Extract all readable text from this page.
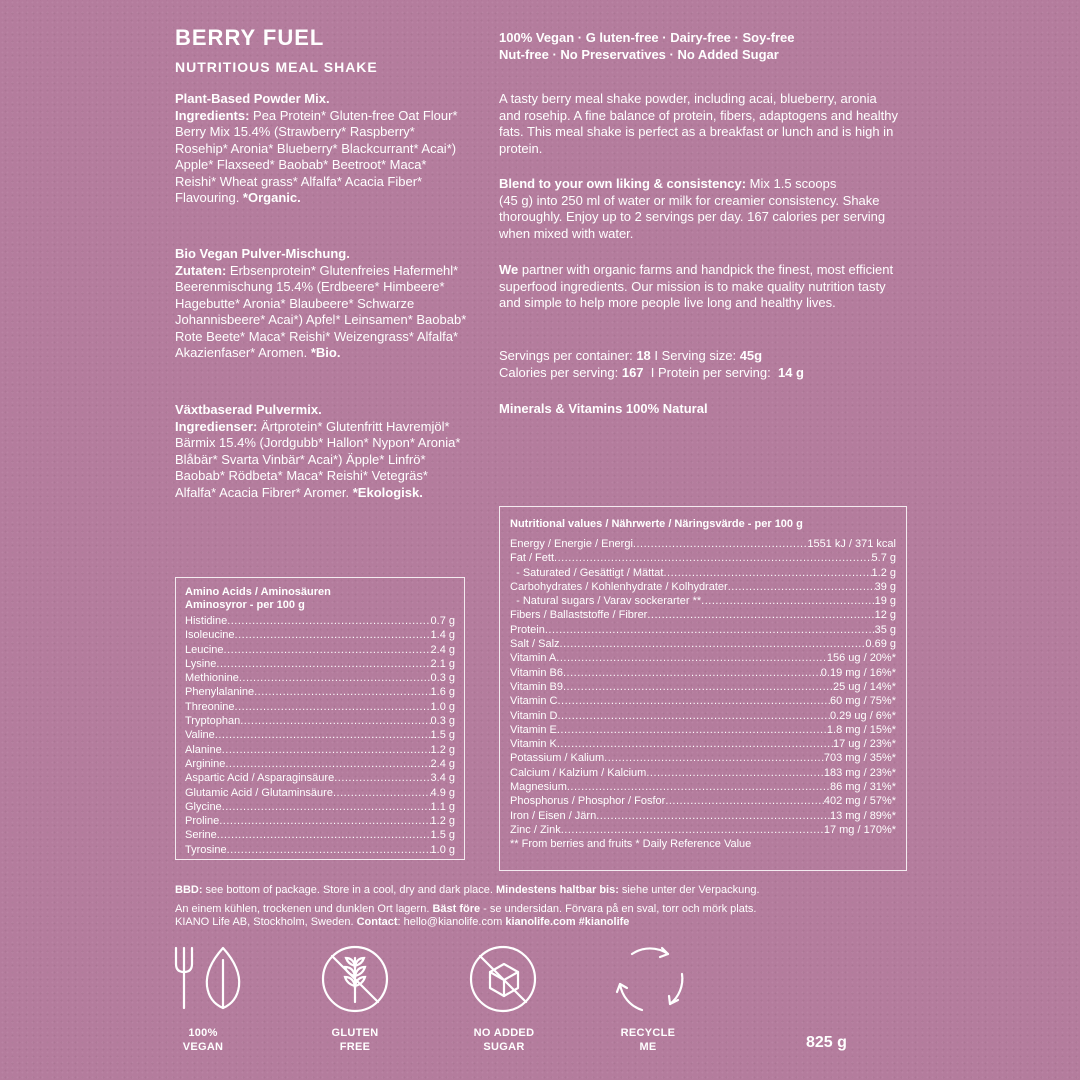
BERRY FUEL
NUTRITIOUS MEAL SHAKE
100% Vegan · G luten-free · Dairy-free · Soy-free
Nut-free · No Preservatives · No Added Sugar
Plant-Based Powder Mix.
Ingredients: Pea Protein* Gluten-free Oat Flour* Berry Mix 15.4% (Strawberry* Raspberry* Rosehip* Aronia* Blueberry* Blackcurrant* Acai*) Apple* Flaxseed* Baobab* Beetroot* Maca* Reishi* Wheat grass* Alfalfa* Acacia Fiber* Flavouring. *Organic.
Bio Vegan Pulver-Mischung.
Zutaten: Erbsenprotein* Glutenfreies Hafermehl* Beerenmischung 15.4% (Erdbeere* Himbeere* Hagebutte* Aronia* Blaubeere* Schwarze Johannisbeere* Acai*) Apfel* Leinsamen* Baobab* Rote Beete* Maca* Reishi* Weizengrass* Alfalfa* Akazienfaser* Aromen. *Bio.
Växtbaserad Pulvermix.
Ingredienser: Ärtprotein* Glutenfritt Havremjöl* Bärmix 15.4% (Jordgubb* Hallon* Nypon* Aronia* Blåbär* Svarta Vinbär* Acai*) Äpple* Linfrö* Baobab* Rödbeta* Maca* Reishi* Vetegräs* Alfalfa* Acacia Fibrer* Aromer. *Ekologisk.
A tasty berry meal shake powder, including acai, blueberry, aronia and rosehip. A fine balance of protein, fibers, adaptogens and healthy fats. This meal shake is perfect as a breakfast or lunch and is high in protein.
Blend to your own liking & consistency: Mix 1.5 scoops
(45 g) into 250 ml of water or milk for creamier consistency. Shake thoroughly. Enjoy up to 2 servings per day. 167 calories per serving when mixed with water.
We partner with organic farms and handpick the finest, most efficient superfood ingredients. Our mission is to make quality nutrition tasty and simple to help more people live long and healthy lives.
Servings per container: 18 I Serving size: 45g
Calories per serving: 167 I Protein per serving: 14 g
Minerals & Vitamins 100% Natural
Amino Acids / Aminosäuren
Aminosyror - per 100 g
Histidine .....	0.7 g
Isoleucine .....	1.4 g
Leucine .....	2.4 g
Lysine .....	2.1 g
Methionine .....	0.3 g
Phenylalanine .....	1.6 g
Threonine .....	1.0 g
Tryptophan .....	0.3 g
Valine .....	1.5 g
Alanine .....	1.2 g
Arginine .....	2.4 g
Aspartic Acid / Asparaginsäure .....	3.4 g
Glutamic Acid / Glutaminsäure .....	4.9 g
Glycine .....	1.1 g
Proline .....	1.2 g
Serine .....	1.5 g
Tyrosine .....	1.0 g
Nutritional values / Nährwerte / Näringsvärde - per 100 g
Energy / Energie / Energi .....	1551 kJ / 371 kcal
Fat / Fett .....	5.7 g
- Saturated / Gesättigt / Mättat .....	1.2 g
Carbohydrates / Kohlenhydrate / Kolhydrater .....	39 g
- Natural sugars / Varav sockerarter ** .....	19 g
Fibers / Ballaststoffe / Fibrer .....	12 g
Protein .....	35 g
Salt / Salz .....	0.69 g
Vitamin A .....	156 ug / 20%*
Vitamin B6 .....	0.19 mg / 16%*
Vitamin B9 .....	25 ug / 14%*
Vitamin C .....	60 mg / 75%*
Vitamin D .....	0.29 ug / 6%*
Vitamin E .....	1.8 mg / 15%*
Vitamin K .....	17 ug / 23%*
Potassium / Kalium .....	703 mg / 35%*
Calcium / Kalzium / Kalcium .....	183 mg / 23%*
Magnesium .....	86 mg / 31%*
Phosphorus / Phosphor / Fosfor .....	402 mg / 57%*
Iron / Eisen / Järn .....	13 mg / 89%*
Zinc / Zink .....	17 mg / 170%*
** From berries and fruits * Daily Reference Value
BBD: see bottom of package. Store in a cool, dry and dark place. Mindestens haltbar bis: siehe unter der Verpackung.
An einem kühlen, trockenen und dunklen Ort lagern. Bäst före - se undersidan. Förvara på en sval, torr och mörk plats.
KIANO Life AB, Stockholm, Sweden. Contact: hello@kianolife.com kianolife.com #kianolife
100%
VEGAN
GLUTEN
FREE
NO ADDED
SUGAR
RECYCLE
ME	825 g
